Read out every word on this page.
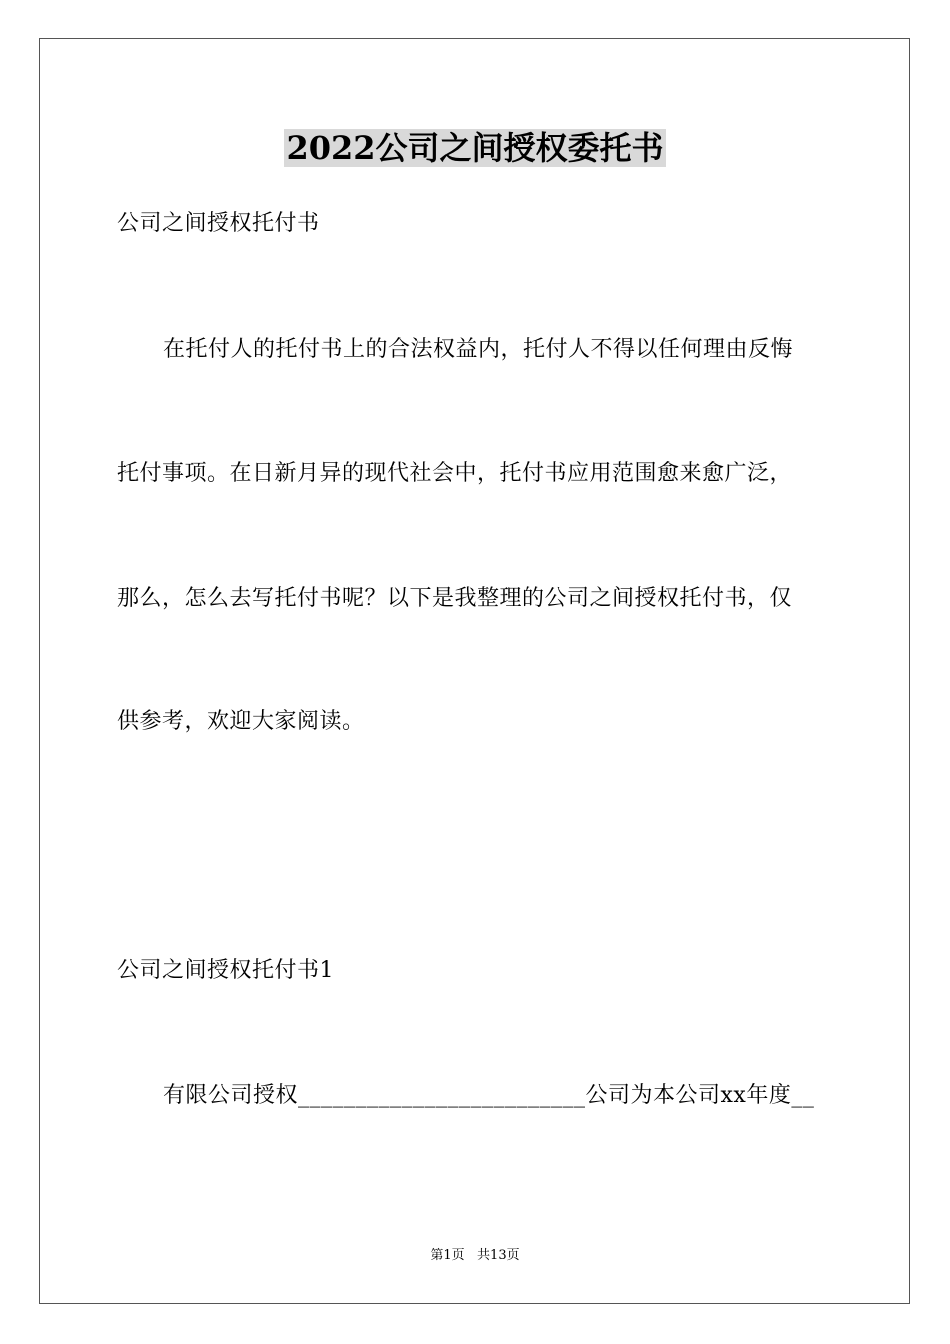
2022公司之间授权委托书
公司之间授权托付书
在托付人的托付书上的合法权益内，托付人不得以任何理由反悔
托付事项。在日新月异的现代社会中，托付书应用范围愈来愈广泛，
那么，怎么去写托付书呢？以下是我整理的公司之间授权托付书，仅
供参考，欢迎大家阅读。
公司之间授权托付书1
有限公司授权_________________________公司为本公司xx年度__
第1页   共13页
